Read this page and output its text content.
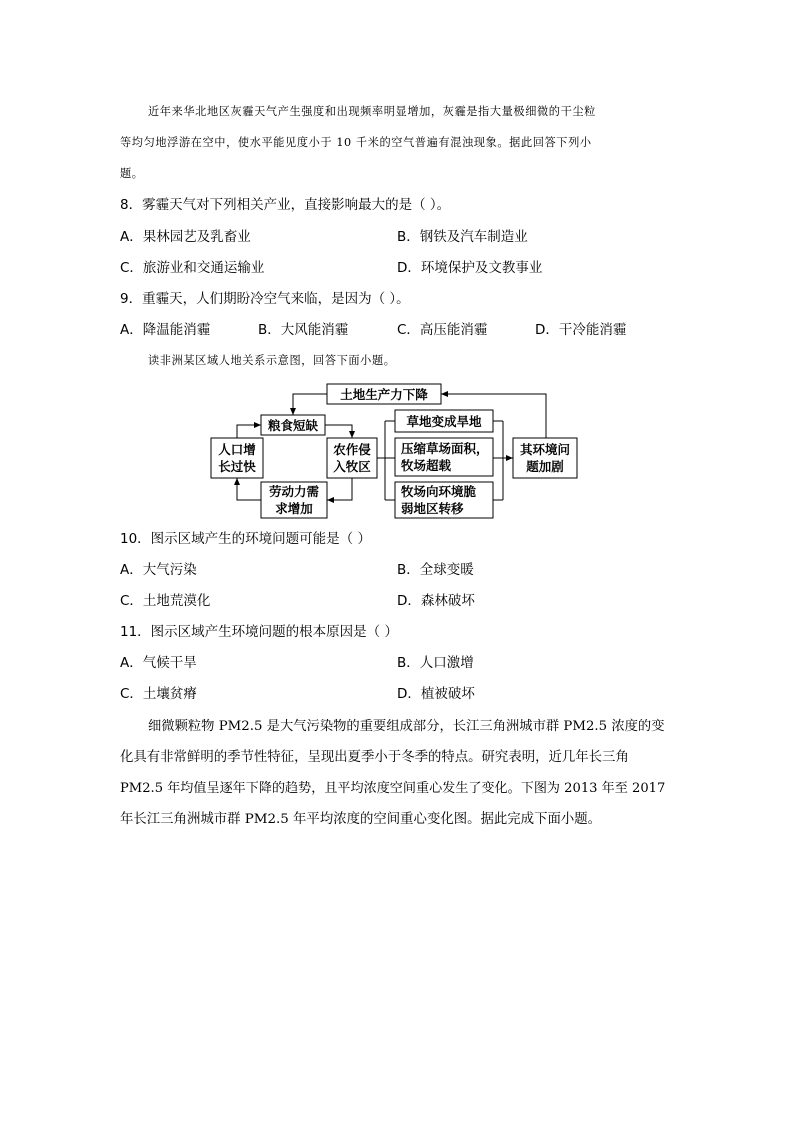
近年来华北地区灰霾天气产生强度和出现频率明显增加，灰霾是指大量极细微的干尘粒
等均匀地浮游在空中，使水平能见度小于 10 千米的空气普遍有混浊现象。据此回答下列小
题。
8．雾霾天气对下列相关产业，直接影响最大的是（ ）。
A．果林园艺及乳畜业	B．钢铁及汽车制造业
C．旅游业和交通运输业	D．环境保护及文教事业
9．重霾天，人们期盼冷空气来临，是因为（ ）。
A．降温能消霾	B．大风能消霾	C．高压能消霾	D．干冷能消霾
读非洲某区域人地关系示意图，回答下面小题。
土地生产力下降
粮食短缺
人口增
长过快
农作侵
入牧区
劳动力需
求增加
草地变成旱地
压缩草场面积，
牧场超载
牧场向环境脆
弱地区转移
其环境问
题加剧
10．图示区域产生的环境问题可能是（ ）
A．大气污染	B．全球变暖
C．土地荒漠化	D．森林破坏
11．图示区域产生环境问题的根本原因是（ ）
A．气候干旱	B．人口激增
C．土壤贫瘠	D．植被破坏
细微颗粒物 PM2.5 是大气污染物的重要组成部分，长江三角洲城市群 PM2.5 浓度的变
化具有非常鲜明的季节性特征，呈现出夏季小于冬季的特点。研究表明，近几年长三角
PM2.5 年均值呈逐年下降的趋势，且平均浓度空间重心发生了变化。下图为 2013 年至 2017
年长江三角洲城市群 PM2.5 年平均浓度的空间重心变化图。据此完成下面小题。
